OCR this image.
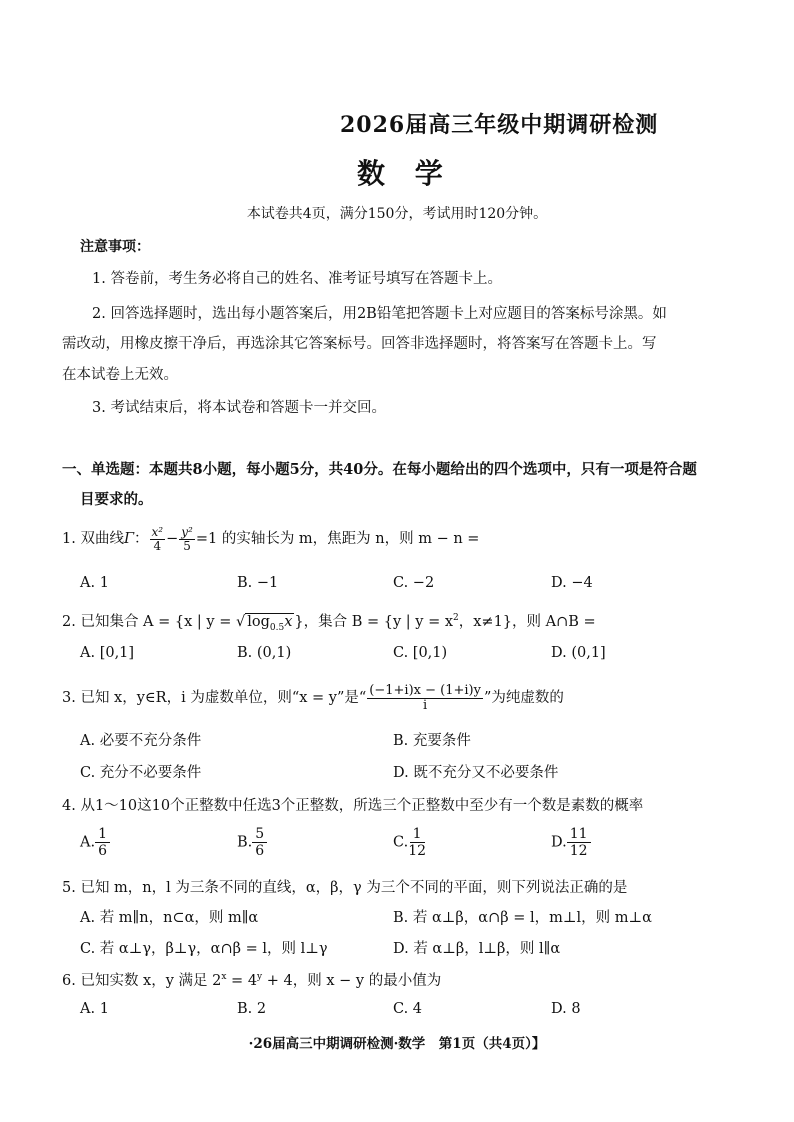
2026届高三年级中期调研检测
数 学
本试卷共4页，满分150分，考试用时120分钟。
注意事项：
1. 答卷前，考生务必将自己的姓名、准考证号填写在答题卡上。
2. 回答选择题时，选出每小题答案后，用2B铅笔把答题卡上对应题目的答案标号涂黑。如
需改动，用橡皮擦干净后，再选涂其它答案标号。回答非选择题时，将答案写在答题卡上。写
在本试卷上无效。
3. 考试结束后，将本试卷和答题卡一并交回。
一、单选题：本题共8小题，每小题5分，共40分。在每小题给出的四个选项中，只有一项是符合题
目要求的。
1. 双曲线Γ： $\frac{\text{x²}}{4} - \frac{\text{y²}}{5} =1$ 的实轴长为 m，焦距为 n，则 m − n =
A. 1	B. −1	C. −2	D. −4
2. 已知集合 A = {x | y = √ $\log_{0.5}x$ }，集合 B = {y | $y = x^2$，x≠1}，则 A∩B =
A. [0,1]	B. (0,1)	C. [0,1)	D. (0,1]
3. 已知 x，y∈R，i 为虚数单位，则“x = y”是“ $\frac{(-1+i)x - (1+i)y}{i}$ ”为纯虚数的
A. 必要不充分条件	B. 充要条件
C. 充分不必要条件	D. 既不充分又不必要条件
4. 从1～10这10个正整数中任选3个正整数，所选三个正整数中至少有一个数是素数的概率
A. $\frac{1}{6}$	B. $\frac{5}{6}$	C. $\frac{1}{12}$	D. $\frac{11}{12}$
5. 已知 m，n，l 为三条不同的直线，α，β，γ 为三个不同的平面，则下列说法正确的是
A. 若 m∥n，n⊂α，则 m∥α	B. 若 α⊥β，α∩β = l，m⊥l，则 m⊥α
C. 若 α⊥γ，β⊥γ，α∩β = l，则 l⊥γ	D. 若 α⊥β，l⊥β，则 l∥α
6. 已知实数 x，y 满足 $2^x = 4^y + 4$，则 x − y 的最小值为
A. 1	B. 2	C. 4	D. 8
·26届高三中期调研检测·数学　第1页（共4页）】
